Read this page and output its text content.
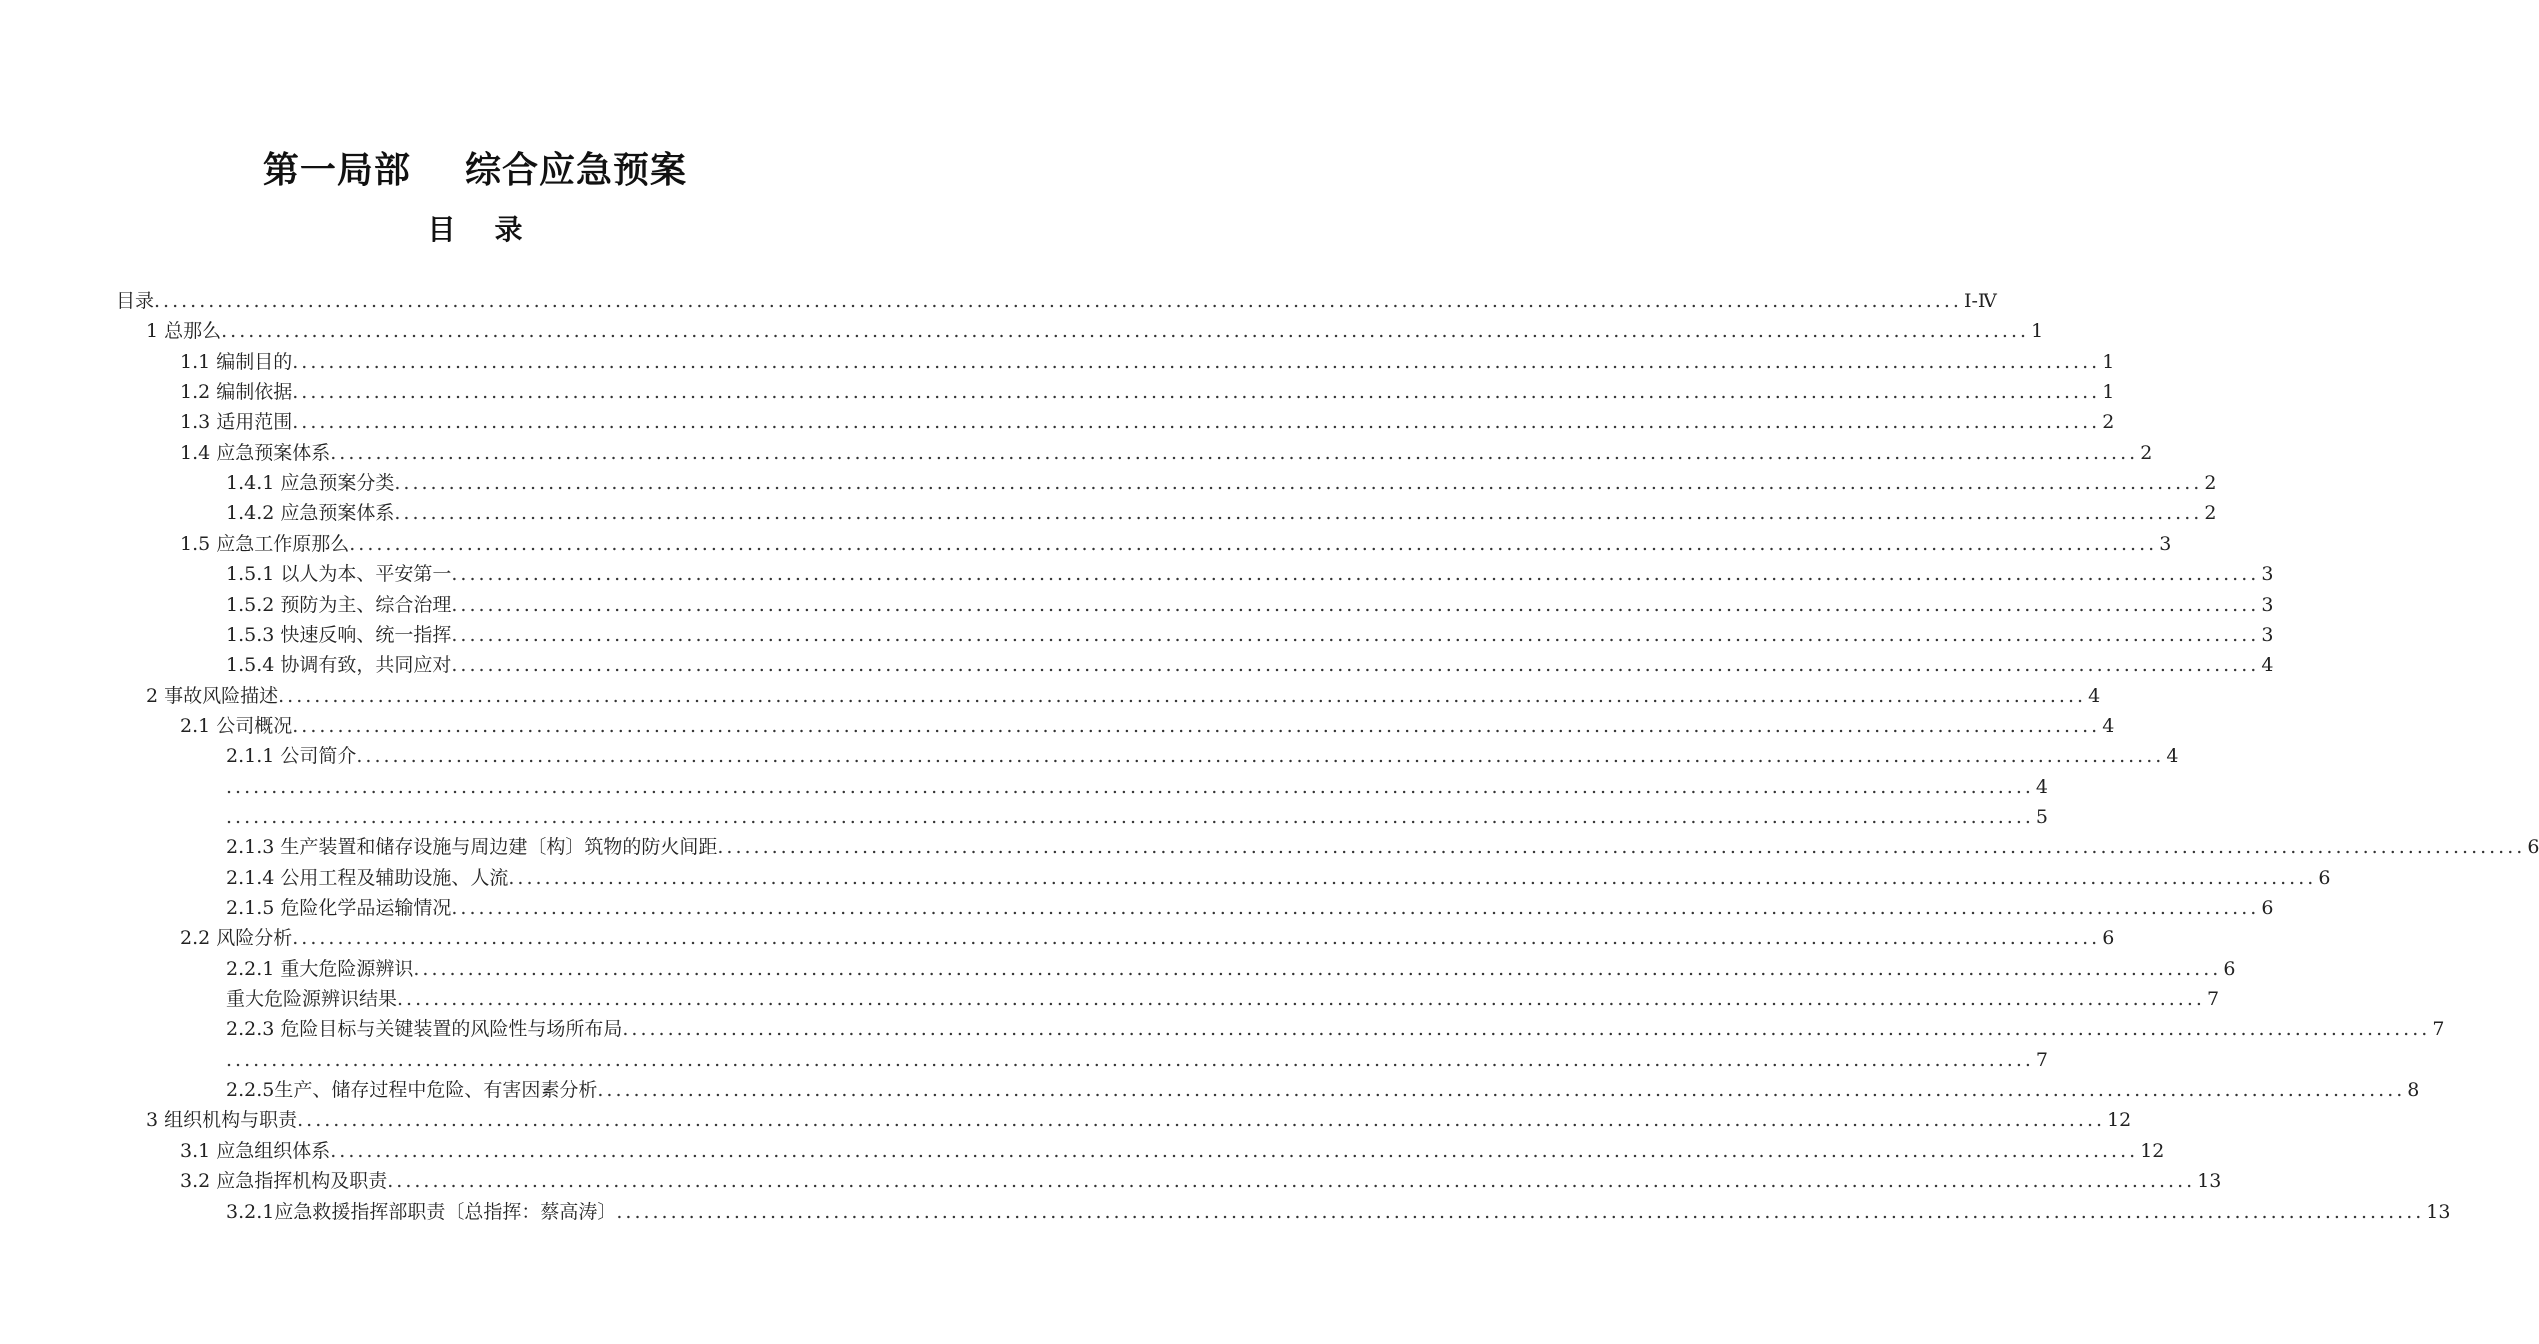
第一局部    综合应急预案
目    录
目录 ........................................................................................................................................................................................................ I-Ⅳ
1 总那么 ........................................................................................................................................................................................................ 1
1.1 编制目的 ........................................................................................................................................................................................................ 1
1.2 编制依据 ........................................................................................................................................................................................................ 1
1.3 适用范围 ........................................................................................................................................................................................................ 2
1.4 应急预案体系 ........................................................................................................................................................................................................ 2
1.4.1 应急预案分类 ........................................................................................................................................................................................................ 2
1.4.2 应急预案体系 ........................................................................................................................................................................................................ 2
1.5 应急工作原那么 ........................................................................................................................................................................................................ 3
1.5.1 以人为本、平安第一 ........................................................................................................................................................................................................ 3
1.5.2 预防为主、综合治理 ........................................................................................................................................................................................................ 3
1.5.3 快速反响、统一指挥 ........................................................................................................................................................................................................ 3
1.5.4 协调有致，共同应对 ........................................................................................................................................................................................................ 4
2 事故风险描述 ........................................................................................................................................................................................................ 4
2.1 公司概况 ........................................................................................................................................................................................................ 4
2.1.1 公司简介 ........................................................................................................................................................................................................ 4
........................................................................................................................................................................................................ 4
........................................................................................................................................................................................................ 5
2.1.3 生产装置和储存设施与周边建〔构〕筑物的防火间距 ........................................................................................................................................................................................................ 6
2.1.4 公用工程及辅助设施、人流 ........................................................................................................................................................................................................ 6
2.1.5 危险化学品运输情况 ........................................................................................................................................................................................................ 6
2.2 风险分析 ........................................................................................................................................................................................................ 6
2.2.1 重大危险源辨识 ........................................................................................................................................................................................................ 6
重大危险源辨识结果 ........................................................................................................................................................................................................ 7
2.2.3 危险目标与关键装置的风险性与场所布局 ........................................................................................................................................................................................................ 7
........................................................................................................................................................................................................ 7
2.2.5生产、储存过程中危险、有害因素分析 ........................................................................................................................................................................................................ 8
3 组织机构与职责 ........................................................................................................................................................................................................ 12
3.1 应急组织体系 ........................................................................................................................................................................................................ 12
3.2 应急指挥机构及职责 ........................................................................................................................................................................................................ 13
3.2.1应急救援指挥部职责〔总指挥：蔡高涛〕 ........................................................................................................................................................................................................ 13
